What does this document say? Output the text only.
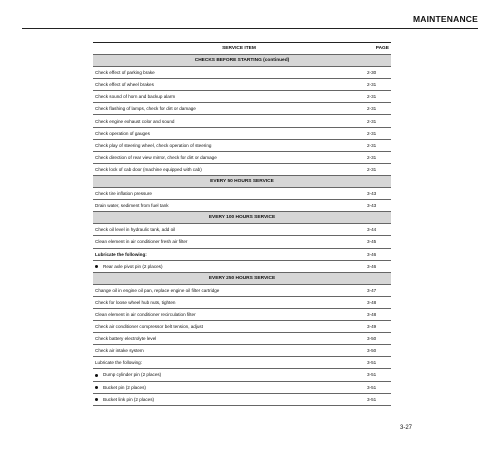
MAINTENANCE
SERVICE ITEM	PAGE
CHECKS BEFORE STARTING (continued)
Check effect of parking brake	2-30
Check effect of wheel brakes	2-31
Check sound of horn and backup alarm	2-31
Check flashing of lamps, check for dirt or damage	2-31
Check engine exhaust color and sound	2-31
Check operation of gauges	2-31
Check play of steering wheel, check operation of steering	2-31
Check direction of rear view mirror, check for dirt or damage	2-31
Check lock of cab door (machine equipped with cab)	2-31
EVERY 50 HOURS SERVICE
Check tire inflation pressure	3-43
Drain water, sediment from fuel tank	3-43
EVERY 100 HOURS SERVICE
Check oil level in hydraulic tank, add oil	3-44
Clean element in air conditioner fresh air filter	3-45
Lubricate the following:	3-46
Rear axle pivot pin (2 places)	3-46
EVERY 250 HOURS SERVICE
Change oil in engine oil pan, replace engine oil filter cartridge	3-47
Check for loose wheel hub nuts, tighten	3-48
Clean element in air conditioner recirculation filter	3-48
Check air conditioner compressor belt tension, adjust	3-49
Check battery electrolyte level	3-50
Check air intake system	3-50
Lubricate the following:	3-51
Dump cylinder pin (2 places)	3-51
Bucket pin (2 places)	3-51
Bucket link pin (2 places)	3-51
3-27
